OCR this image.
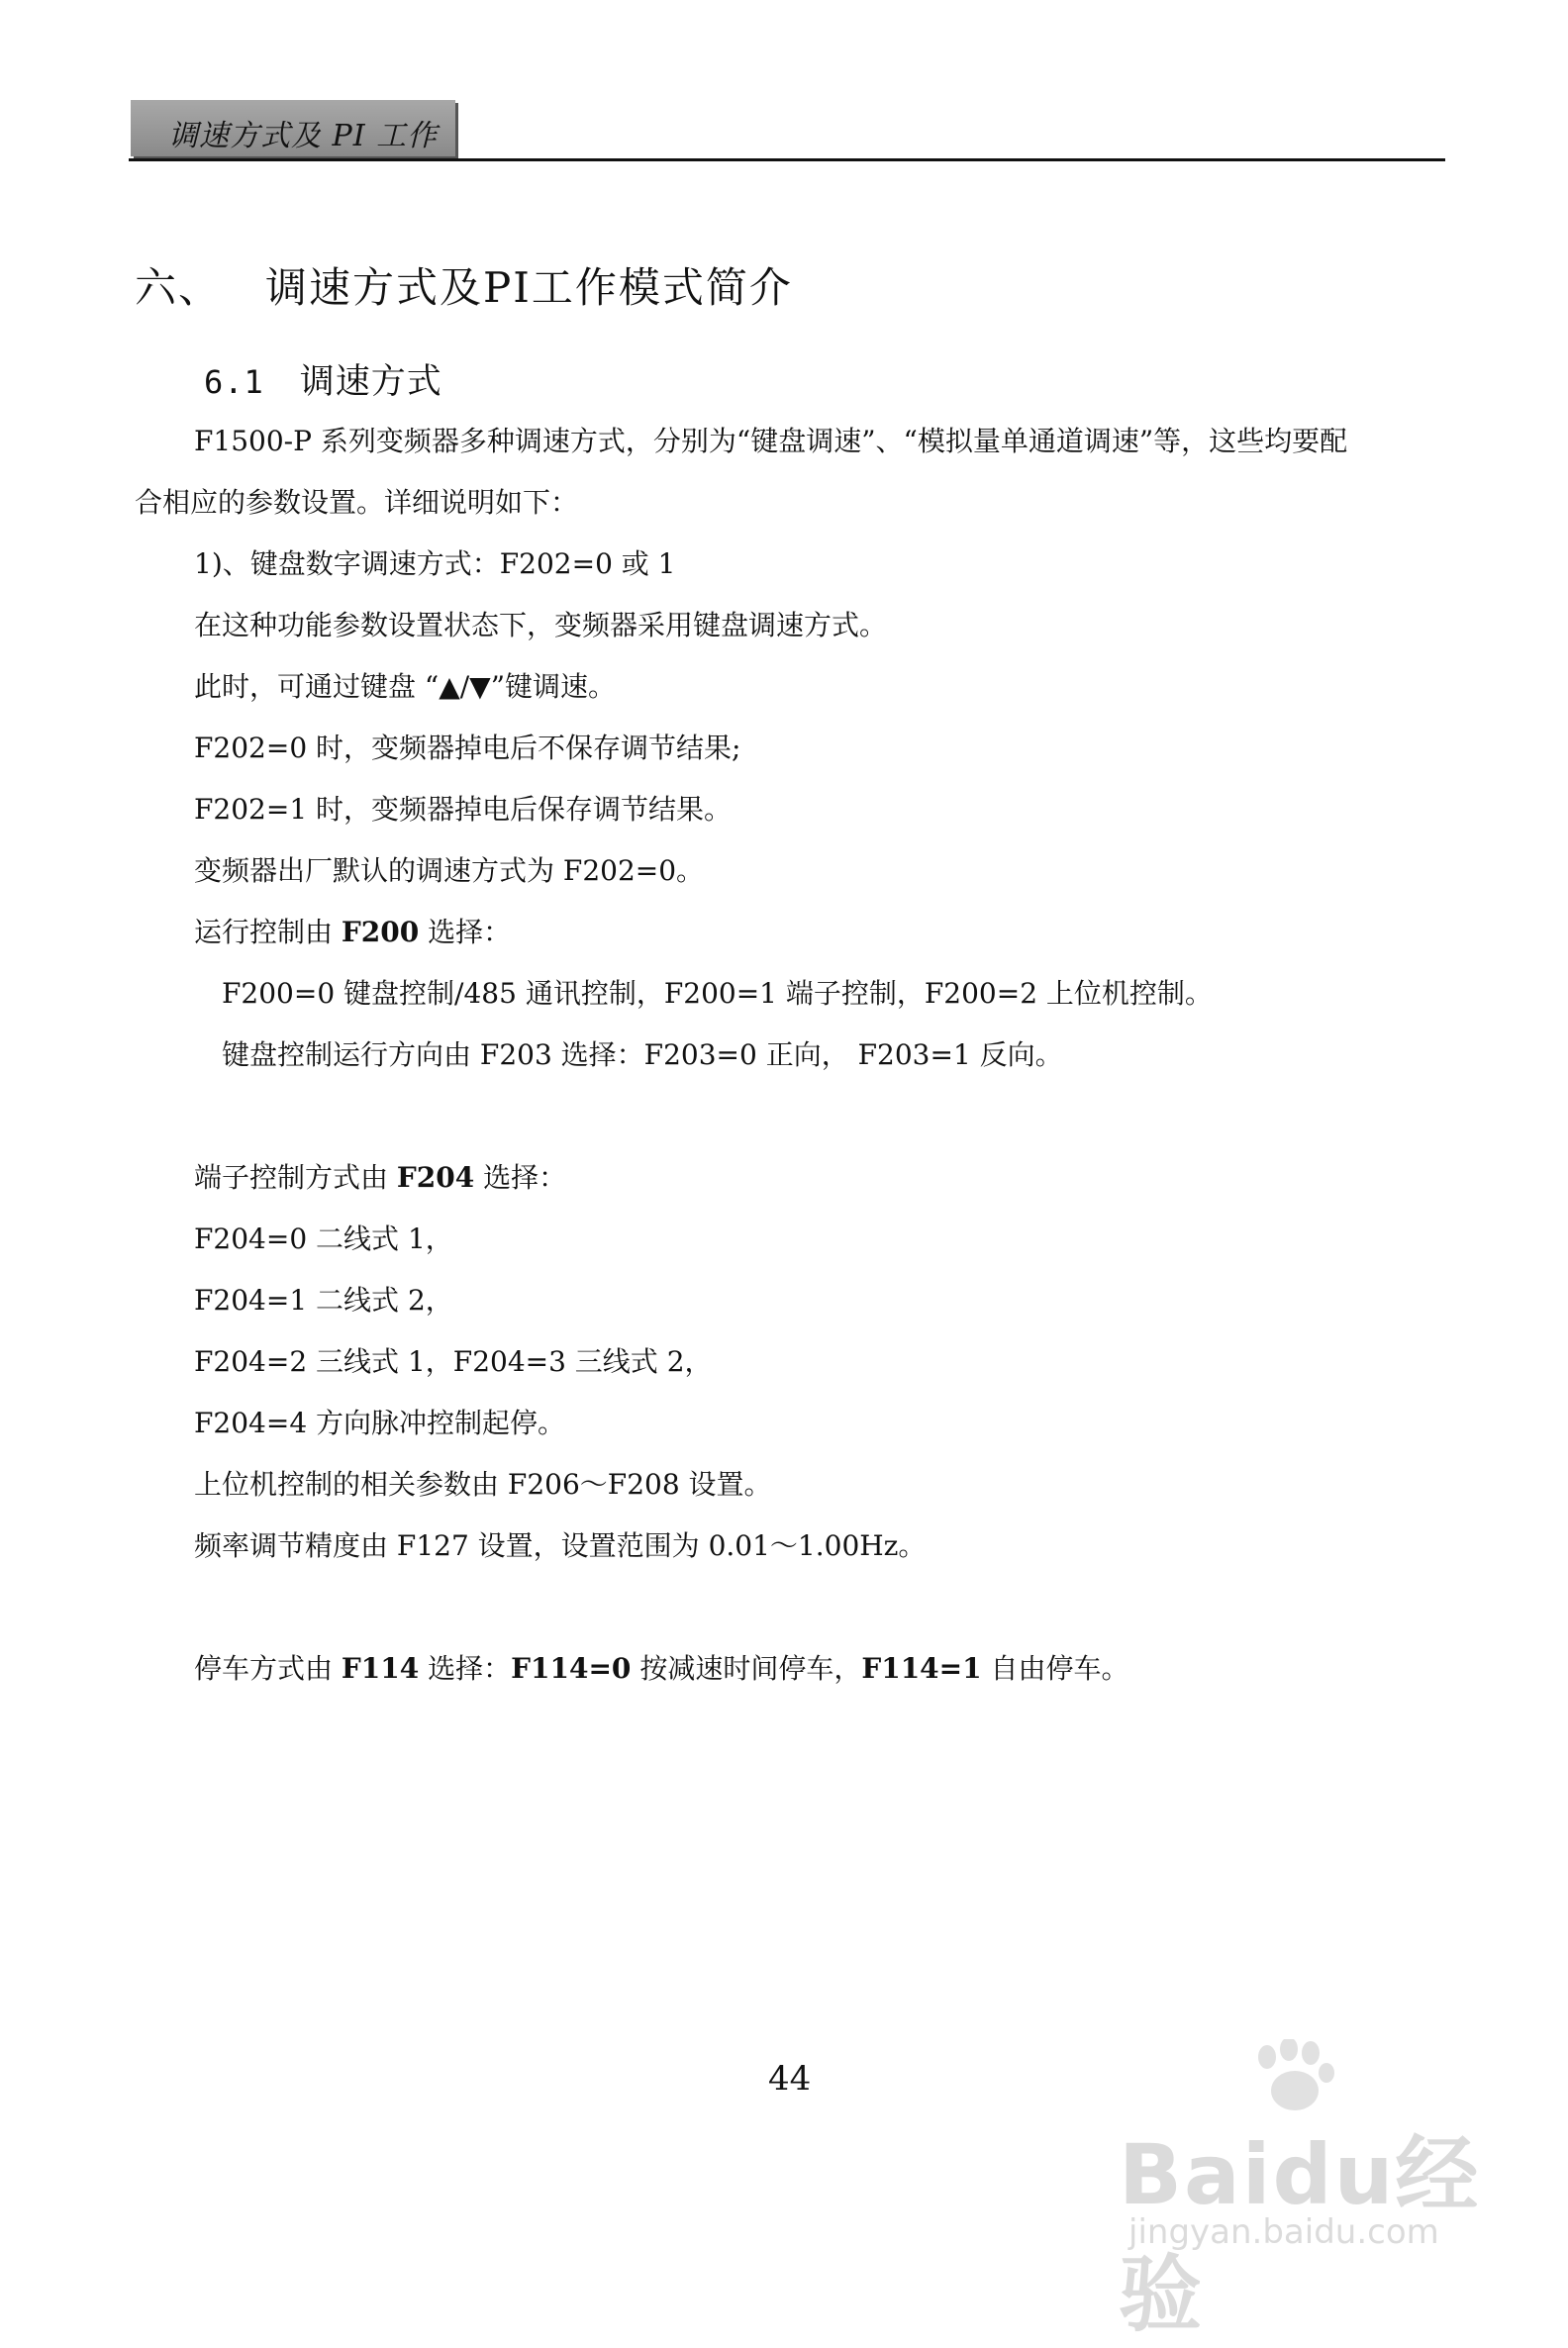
调速方式及 PI 工作
六、 调速方式及PI工作模式简介
6.1 调速方式
F1500-P 系列变频器多种调速方式，分别为“键盘调速”、“模拟量单通道调速”等，这些均要配
合相应的参数设置。详细说明如下：
1)、键盘数字调速方式：F202=0 或 1
在这种功能参数设置状态下，变频器采用键盘调速方式。
此时，可通过键盘 “▲/▼”键调速。
F202=0 时，变频器掉电后不保存调节结果;
F202=1 时，变频器掉电后保存调节结果。
变频器出厂默认的调速方式为 F202=0。
运行控制由 F200 选择：
F200=0 键盘控制/485 通讯控制，F200=1 端子控制，F200=2 上位机控制。
键盘控制运行方向由 F203 选择：F203=0 正向， F203=1 反向。
端子控制方式由 F204 选择：
F204=0 二线式 1，
F204=1 二线式 2，
F204=2 三线式 1，F204=3 三线式 2，
F204=4 方向脉冲控制起停。
上位机控制的相关参数由 F206～F208 设置。
频率调节精度由 F127 设置，设置范围为 0.01～1.00Hz。
停车方式由 F114 选择：F114=0 按减速时间停车，F114=1 自由停车。
44
Baidu经验
jingyan.baidu.com
